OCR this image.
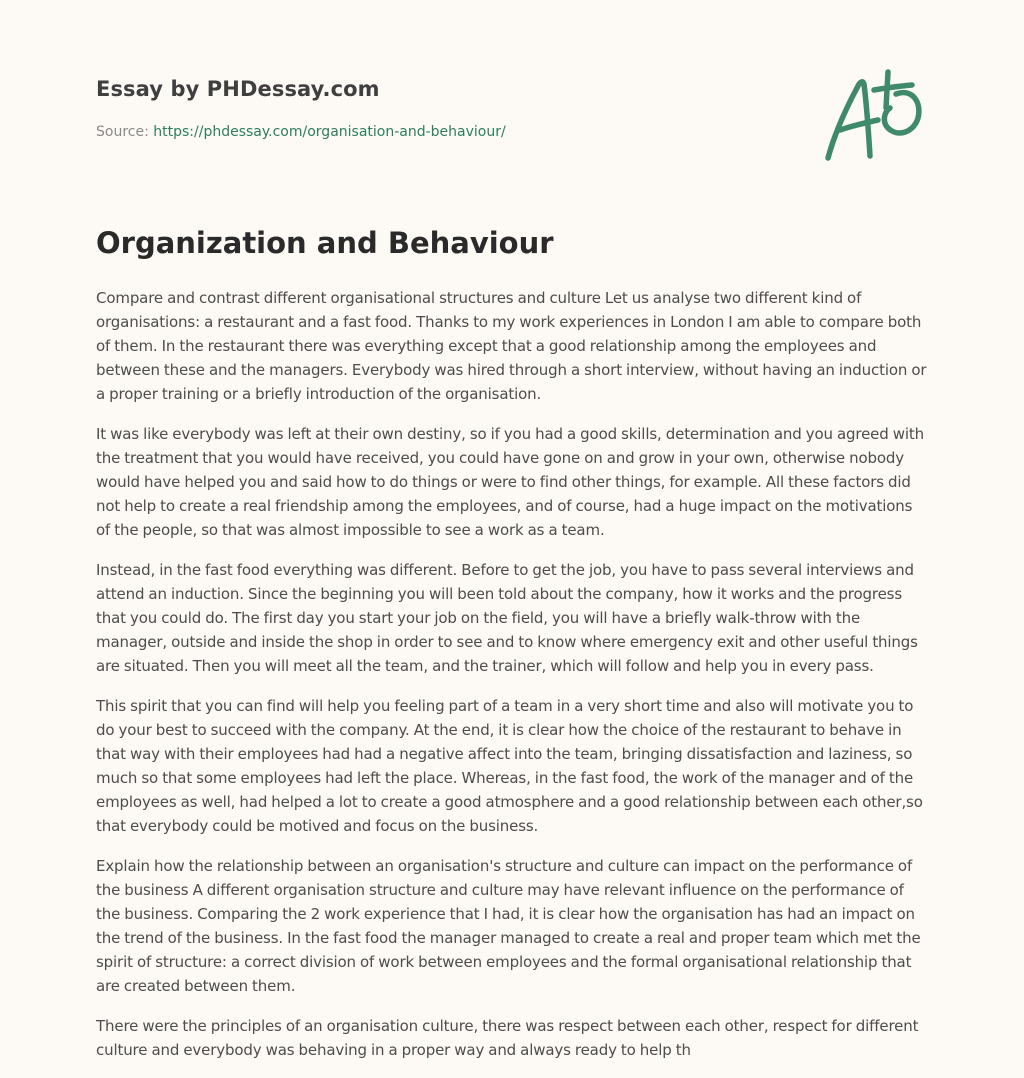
Essay by PHDessay.com
Source: https://phdessay.com/organisation-and-behaviour/
Organization and Behaviour

Compare and contrast different organisational structures and culture Let us analyse two different kind of organisations: a restaurant and a fast food. Thanks to my work experiences in London I am able to compare both of them. In the restaurant there was everything except that a good relationship among the employees and between these and the managers. Everybody was hired through a short interview, without having an induction or a proper training or a briefly introduction of the organisation.

It was like everybody was left at their own destiny, so if you had a good skills, determination and you agreed with the treatment that you would have received, you could have gone on and grow in your own, otherwise nobody would have helped you and said how to do things or were to find other things, for example. All these factors did not help to create a real friendship among the employees, and of course, had a huge impact on the motivations of the people, so that was almost impossible to see a work as a team.

Instead, in the fast food everything was different. Before to get the job, you have to pass several interviews and attend an induction. Since the beginning you will been told about the company, how it works and the progress that you could do. The first day you start your job on the field, you will have a briefly walk-throw with the manager, outside and inside the shop in order to see and to know where emergency exit and other useful things are situated. Then you will meet all the team, and the trainer, which will follow and help you in every pass.

This spirit that you can find will help you feeling part of a team in a very short time and also will motivate you to do your best to succeed with the company. At the end, it is clear how the choice of the restaurant to behave in that way with their employees had had a negative affect into the team, bringing dissatisfaction and laziness, so much so that some employees had left the place. Whereas, in the fast food, the work of the manager and of the employees as well, had helped a lot to create a good atmosphere and a good relationship between each other,so that everybody could be motived and focus on the business.

Explain how the relationship between an organisation's structure and culture can impact on the performance of the business A different organisation structure and culture may have relevant influence on the performance of the business. Comparing the 2 work experience that I had, it is clear how the organisation has had an impact on the trend of the business. In the fast food the manager managed to create a real and proper team which met the spirit of structure: a correct division of work between employees and the formal organisational relationship that are created between them.

There were the principles of an organisation culture, there was respect between each other, respect for different culture and everybody was behaving in a proper way and always ready to help th
